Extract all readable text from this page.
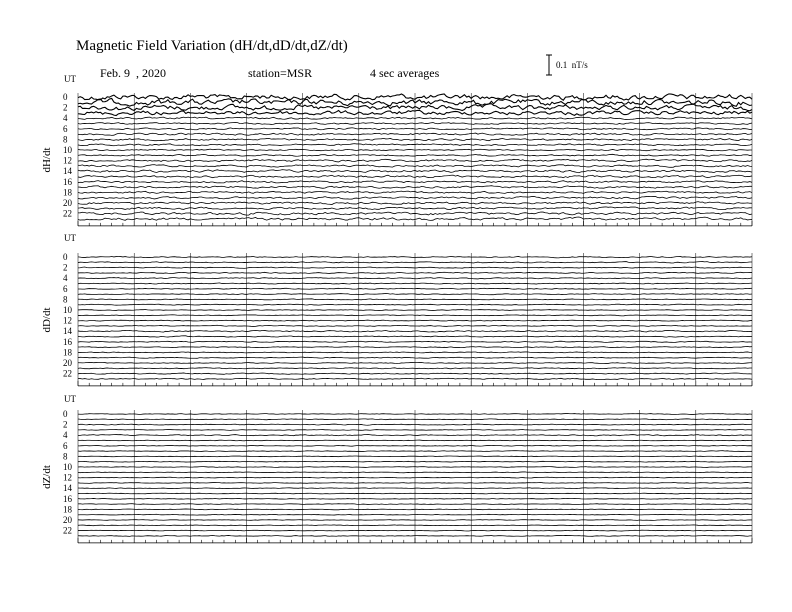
Magnetic Field Variation (dH/dt,dD/dt,dZ/dt)
Feb. 9  , 2020	station=MSR	4 sec averages
0.1  nT/s
UT
dH/dt
0
2
4
6
8
10
12
14
16
18
20
22
UT
dD/dt
0
2
4
6
8
10
12
14
16
18
20
22
UT
dZ/dt
0
2
4
6
8
10
12
14
16
18
20
22
